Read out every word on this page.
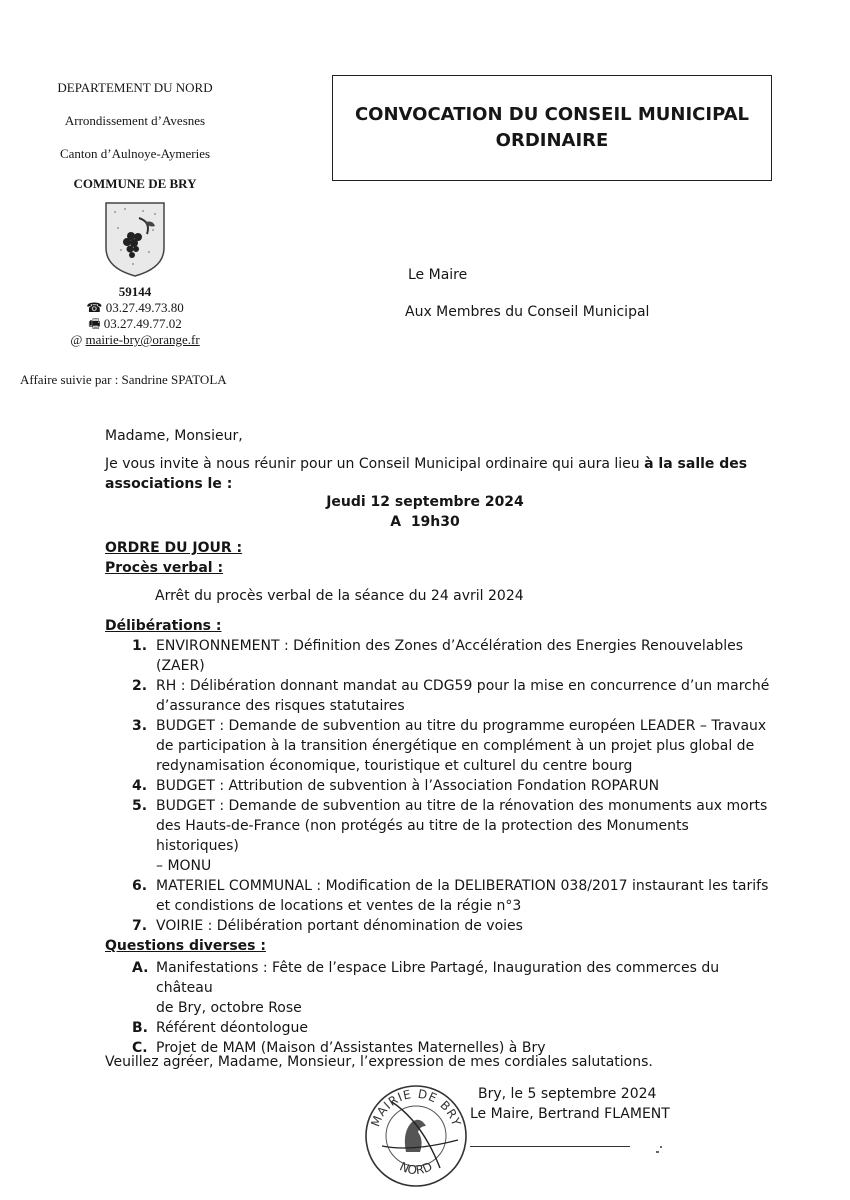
DEPARTEMENT DU NORD
Arrondissement d’Avesnes
Canton d’Aulnoye-Aymeries
COMMUNE DE BRY
59144
☎ 03.27.49.73.80
🖷 03.27.49.77.02
@ mairie-bry@orange.fr
Affaire suivie par : Sandrine SPATOLA
CONVOCATION DU CONSEIL MUNICIPAL
ORDINAIRE
Le Maire
Aux Membres du Conseil Municipal
Madame, Monsieur,
Je vous invite à nous réunir pour un Conseil Municipal ordinaire qui aura lieu à la salle des
associations le :
Jeudi 12 septembre 2024
A  19h30
ORDRE DU JOUR :
Procès verbal :
Arrêt du procès verbal de la séance du 24 avril 2024
Délibérations :
1. ENVIRONNEMENT : Définition des Zones d’Accélération des Energies Renouvelables
(ZAER)
2. RH : Délibération donnant mandat au CDG59 pour la mise en concurrence d’un marché
d’assurance des risques statutaires
3. BUDGET : Demande de subvention au titre du programme européen LEADER – Travaux
de participation à la transition énergétique en complément à un projet plus global de
redynamisation économique, touristique et culturel du centre bourg
4. BUDGET : Attribution de subvention à l’Association Fondation ROPARUN
5. BUDGET : Demande de subvention au titre de la rénovation des monuments aux morts
des Hauts-de-France (non protégés au titre de la protection des Monuments historiques)
– MONU
6. MATERIEL COMMUNAL : Modification de la DELIBERATION 038/2017 instaurant les tarifs
et condistions de locations et ventes de la régie n°3
7. VOIRIE : Délibération portant dénomination de voies
Questions diverses :
A. Manifestations : Fête de l’espace Libre Partagé, Inauguration des commerces du château
de Bry, octobre Rose
B. Référent déontologue
C. Projet de MAM (Maison d’Assistantes Maternelles) à Bry
Veuillez agréer, Madame, Monsieur, l’expression de mes cordiales salutations.
MAIRIE DE BRY
NORD
Bry, le 5 septembre 2024
Le Maire, Bertrand FLAMENT
